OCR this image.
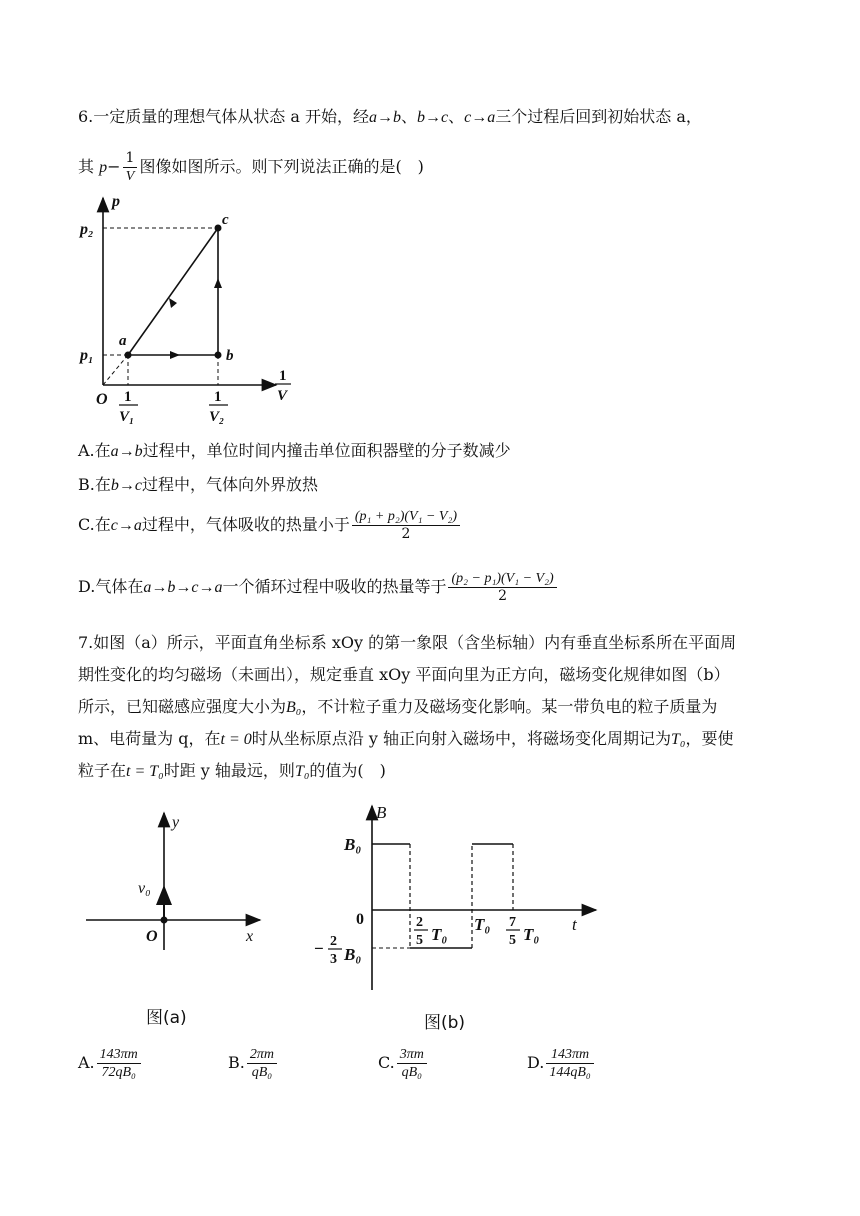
6.一定质量的理想气体从状态 a 开始，经a→b、b→c、c→a三个过程后回到初始状态 a，
其 $p- \frac{1}{V}$ 图像如图所示。则下列说法正确的是(　)
p
p₂
p₁
O
a
b
c
1
V₁
1
V₂
1
V
A.在a→b过程中，单位时间内撞击单位面积器壁的分子数减少
B.在b→c过程中，气体向外界放热
C.在c→a过程中，气体吸收的热量小于 $\frac{\text{(p₁ + p₂)(V₁ − V₂)}}{2}$
D.气体在a→b→c→a一个循环过程中吸收的热量等于 $\frac{\text{(p₂ − p₁)(V₁ − V₂)}}{2}$
7.如图（a）所示，平面直角坐标系 xOy 的第一象限（含坐标轴）内有垂直坐标系所在平面周
期性变化的均匀磁场（未画出），规定垂直 xOy 平面向里为正方向，磁场变化规律如图（b）
所示，已知磁感应强度大小为B₀，不计粒子重力及磁场变化影响。某一带负电的粒子质量为
m、电荷量为 q，在t = 0时从坐标原点沿 y 轴正向射入磁场中，将磁场变化周期记为T₀，要使
粒子在t = T₀时距 y 轴最远，则T₀的值为(　)
y
x
O
v₀
图(a)
B
t
B₀
0
− 2
3 B₀
2
5 T₀
T₀ 7
5 T₀
图(b)
A. $\frac{143\pi m}{\text{72qB₀}}$	B. $\frac{2\pi m}{\text{qB₀}}$	C. $\frac{3\pi m}{\text{qB₀}}$	D. $\frac{143\pi m}{\text{144qB₀}}$
